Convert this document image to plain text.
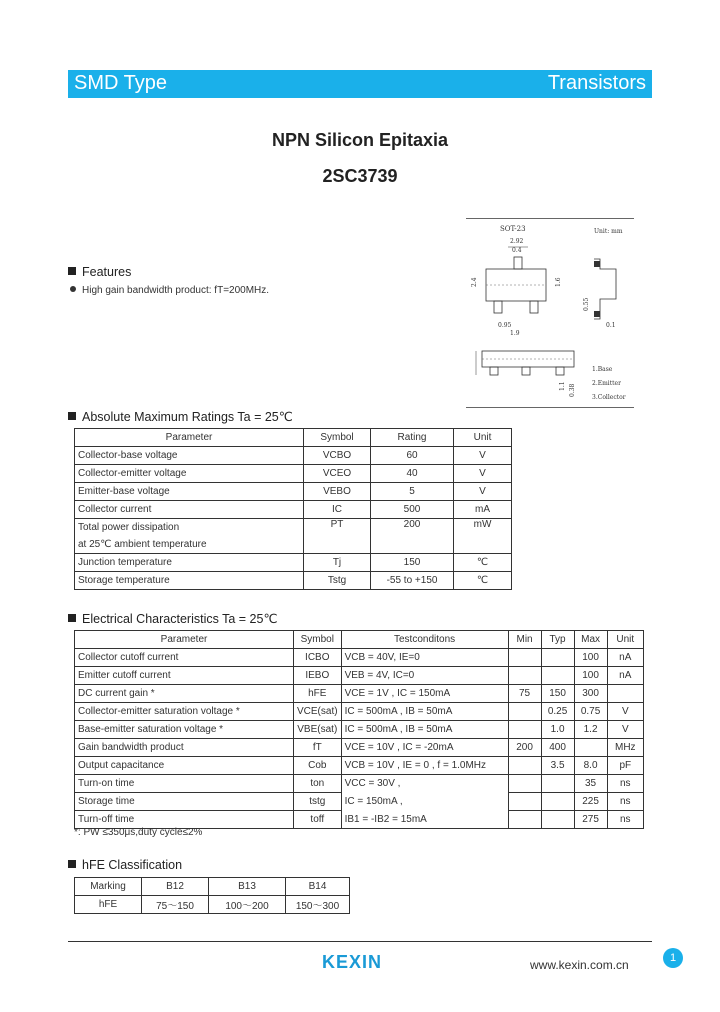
SMD Type	Transistors
NPN Silicon Epitaxia
2SC3739
Features
High gain bandwidth product: fT=200MHz.
SOT-23	Unit: mm
2.92
0.4
2.4	1.6
0.95
1.9
0.55
0.1
1.1 0.38
1.Base
2.Emitter
3.Collector
Absolute Maximum Ratings Ta = 25℃
Parameter	Symbol	Rating	Unit
Collector-base voltage	VCBO	60	V
Collector-emitter voltage	VCEO	40	V
Emitter-base voltage	VEBO	5	V
Collector current	IC	500	mA
Total power dissipation
at 25℃ ambient temperature	PT	200	mW
Junction temperature	Tj	150	℃
Storage temperature	Tstg	-55 to +150	℃
Electrical Characteristics Ta = 25℃
Parameter	Symbol	Testconditons	Min	Typ	Max	Unit
Collector cutoff current	ICBO	VCB = 40V, IE=0			100	nA
Emitter cutoff current	IEBO	VEB = 4V, IC=0			100	nA
DC current gain *	hFE	VCE = 1V , IC = 150mA	75	150	300	
Collector-emitter saturation voltage *	VCE(sat)	IC = 500mA , IB = 50mA		0.25	0.75	V
Base-emitter saturation voltage *	VBE(sat)	IC = 500mA , IB = 50mA		1.0	1.2	V
Gain bandwidth product	fT	VCE = 10V , IC = -20mA	200	400		MHz
Output capacitance	Cob	VCB = 10V , IE = 0 , f = 1.0MHz		3.5	8.0	pF
Turn-on time	ton	VCC = 30V ,			35	ns
Storage time	tstg	IC = 150mA ,			225	ns
Turn-off time	toff	IB1 = -IB2 = 15mA			275	ns
*: PW ≤350μs,duty cycle≤2%
hFE Classification
Marking	B12	B13	B14
hFE	75～150	100～200	150～300
KEXIN	www.kexin.com.cn	1
